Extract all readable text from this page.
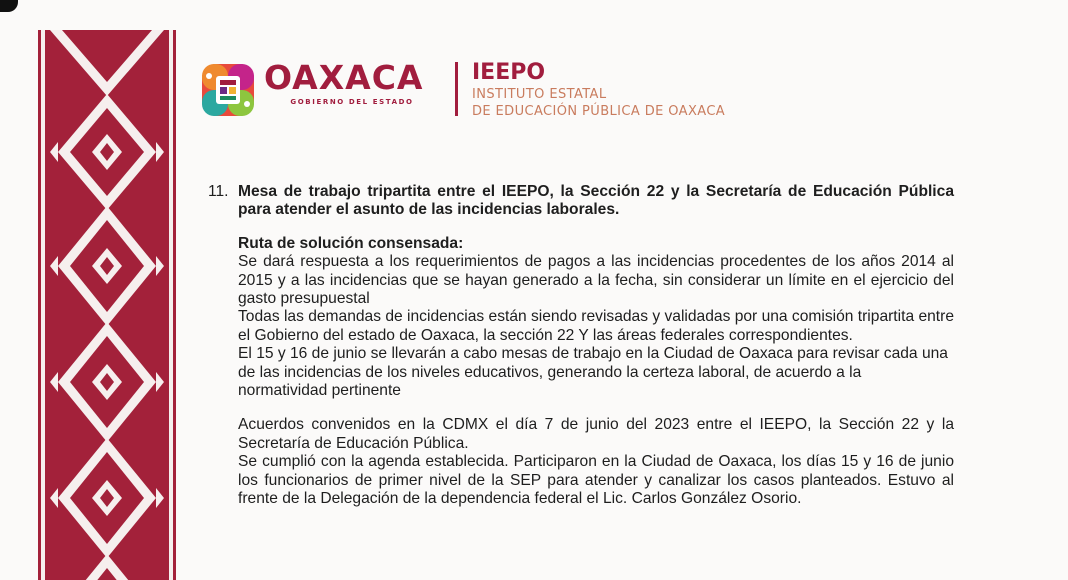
OAXACA
GOBIERNO DEL ESTADO
IEEPO
INSTITUTO ESTATAL
DE EDUCACIÓN PÚBLICA DE OAXACA
11. Mesa de trabajo tripartita entre el IEEPO, la Sección 22 y la Secretaría de Educación Pública para atender el asunto de las incidencias laborales.
Ruta de solución consensada:

Se dará respuesta a los requerimientos de pagos a las incidencias procedentes de los años 2014 al 2015 y a las incidencias que se hayan generado a la fecha, sin considerar un límite en el ejercicio del gasto presupuestal

Todas las demandas de incidencias están siendo revisadas y validadas por una comisión tripartita entre el Gobierno del estado de Oaxaca, la sección 22 Y las áreas federales correspondientes.

El 15 y 16 de junio se llevarán a cabo mesas de trabajo en la Ciudad de Oaxaca para revisar cada una de las incidencias de los niveles educativos, generando la certeza laboral, de acuerdo a la normatividad pertinente

Acuerdos convenidos en la CDMX el día 7 de junio del 2023 entre el IEEPO, la Sección 22 y la Secretaría de Educación Pública.

Se cumplió con la agenda establecida. Participaron en la Ciudad de Oaxaca, los días 15 y 16 de junio los funcionarios de primer nivel de la SEP para atender y canalizar los casos planteados. Estuvo al frente de la Delegación de la dependencia federal el Lic. Carlos González Osorio.
